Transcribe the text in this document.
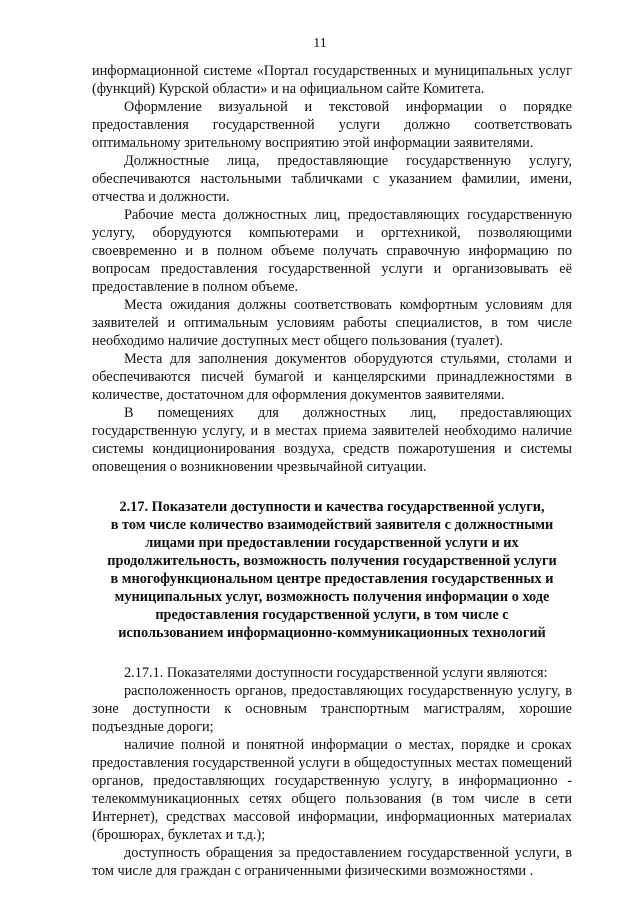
11

информационной системе «Портал государственных и муниципальных услуг (функций) Курской области» и на официальном сайте Комитета.

Оформление визуальной и текстовой информации о порядке предоставления государственной услуги должно соответствовать оптимальному зрительному восприятию этой информации заявителями.

Должностные лица, предоставляющие государственную услугу, обеспечиваются настольными табличками с указанием фамилии, имени, отчества и должности.

Рабочие места должностных лиц, предоставляющих государственную услугу, оборудуются компьютерами и оргтехникой, позволяющими своевременно и в полном объеме получать справочную информацию по вопросам предоставления государственной услуги и организовывать её предоставление в полном объеме.

Места ожидания должны соответствовать комфортным условиям для заявителей и оптимальным условиям работы специалистов, в том числе необходимо наличие доступных мест общего пользования (туалет).

Места для заполнения документов оборудуются стульями, столами и обеспечиваются писчей бумагой и канцелярскими принадлежностями в количестве, достаточном для оформления документов заявителями.

В помещениях для должностных лиц, предоставляющих государственную услугу, и в местах приема заявителей необходимо наличие системы кондиционирования воздуха, средств пожаротушения и системы оповещения о возникновении чрезвычайной ситуации.

2.17. Показатели доступности и качества государственной услуги,
в том числе количество взаимодействий заявителя с должностными
лицами при предоставлении государственной услуги и их
продолжительность, возможность получения государственной услуги
в многофункциональном центре предоставления государственных и
муниципальных услуг, возможность получения информации о ходе
предоставления государственной услуги, в том числе с
использованием информационно-коммуникационных технологий

2.17.1. Показателями доступности государственной услуги являются:

расположенность органов, предоставляющих государственную услугу, в зоне доступности к основным транспортным магистралям, хорошие подъездные дороги;

наличие полной и понятной информации о местах, порядке и сроках предоставления государственной услуги в общедоступных местах помещений органов, предоставляющих государственную услугу, в информационно - телекоммуникационных сетях общего пользования (в том числе в сети Интернет), средствах массовой информации, информационных материалах (брошюрах, буклетах и т.д.);

доступность обращения за предоставлением государственной услуги, в том числе для граждан с ограниченными физическими возможностями .
